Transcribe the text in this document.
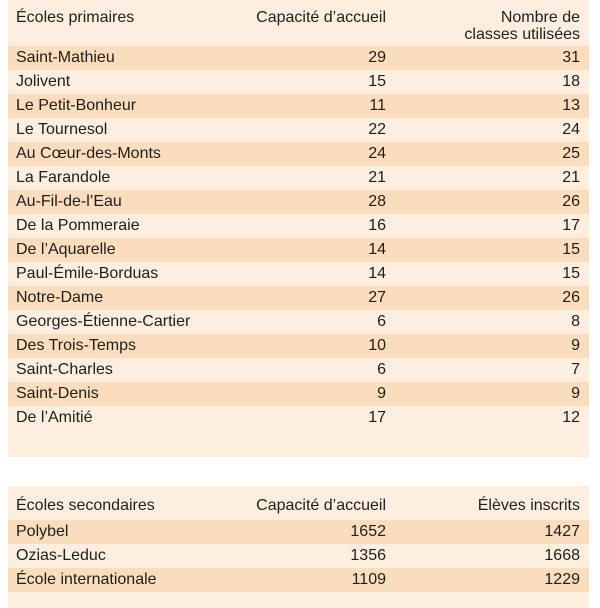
Écoles primaires	Capacité d’accueil	Nombre de classes utilisées
Saint-Mathieu	29	31
Jolivent	15	18
Le Petit-Bonheur	11	13
Le Tournesol	22	24
Au Cœur-des-Monts	24	25
La Farandole	21	21
Au-Fil-de-l’Eau	28	26
De la Pommeraie	16	17
De l’Aquarelle	14	15
Paul-Émile-Borduas	14	15
Notre-Dame	27	26
Georges-Étienne-Cartier	6	8
Des Trois-Temps	10	9
Saint-Charles	6	7
Saint-Denis	9	9
De l’Amitié	17	12
Écoles secondaires	Capacité d’accueil	Élèves inscrits
Polybel	1652	1427
Ozias-Leduc	1356	1668
École internationale	1109	1229
